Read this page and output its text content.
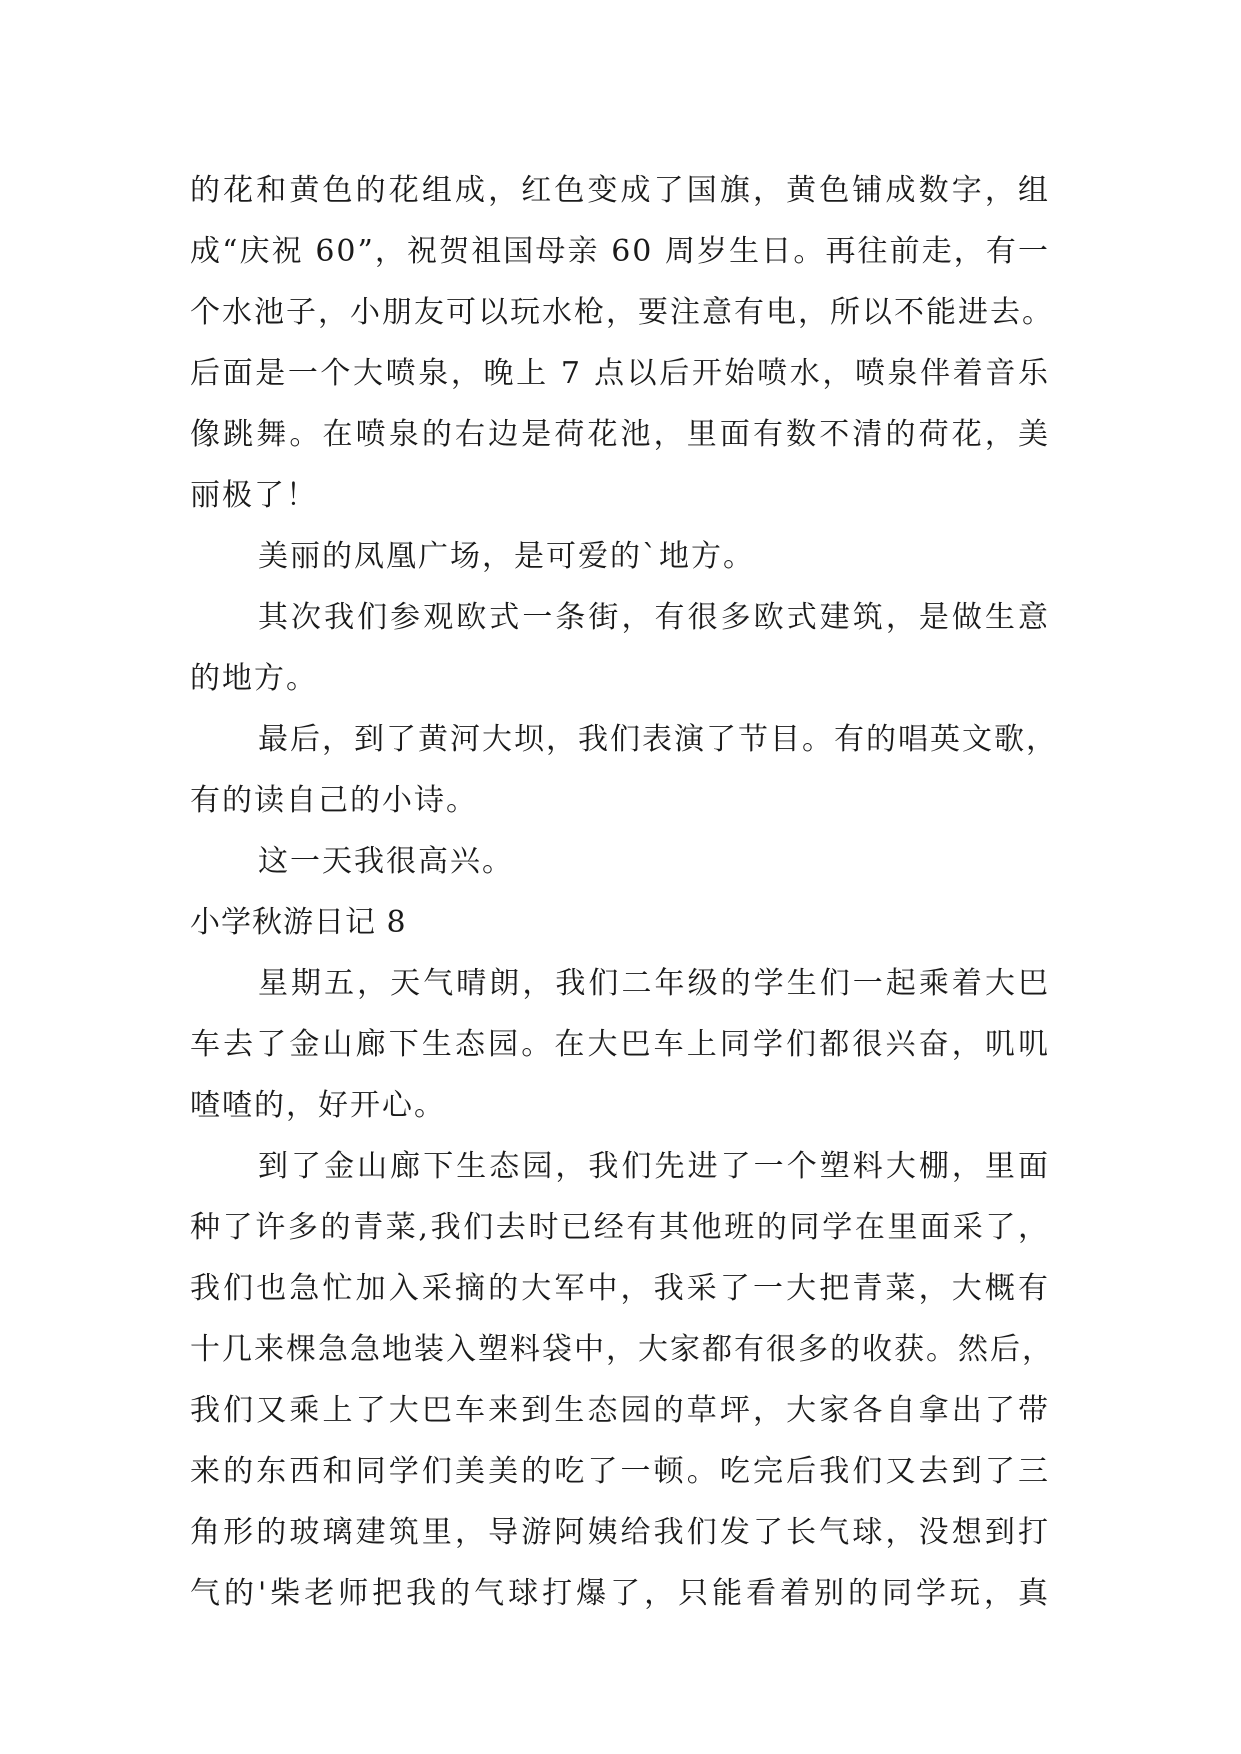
的花和黄色的花组成，红色变成了国旗，黄色铺成数字，组
成“庆祝 60”，祝贺祖国母亲 60 周岁生日。再往前走，有一
个水池子，小朋友可以玩水枪，要注意有电，所以不能进去。
后面是一个大喷泉，晚上 7 点以后开始喷水，喷泉伴着音乐
像跳舞。在喷泉的右边是荷花池，里面有数不清的荷花，美
丽极了！
美丽的凤凰广场，是可爱的`地方。
其次我们参观欧式一条街，有很多欧式建筑，是做生意
的地方。
最后，到了黄河大坝，我们表演了节目。有的唱英文歌，
有的读自己的小诗。
这一天我很高兴。
小学秋游日记 8
星期五，天气晴朗，我们二年级的学生们一起乘着大巴
车去了金山廊下生态园。在大巴车上同学们都很兴奋，叽叽
喳喳的，好开心。
到了金山廊下生态园，我们先进了一个塑料大棚，里面
种了许多的青菜,我们去时已经有其他班的同学在里面采了，
我们也急忙加入采摘的大军中，我采了一大把青菜，大概有
十几来棵急急地装入塑料袋中，大家都有很多的收获。然后，
我们又乘上了大巴车来到生态园的草坪，大家各自拿出了带
来的东西和同学们美美的吃了一顿。吃完后我们又去到了三
角形的玻璃建筑里，导游阿姨给我们发了长气球，没想到打
气的'柴老师把我的气球打爆了，只能看着别的同学玩，真
